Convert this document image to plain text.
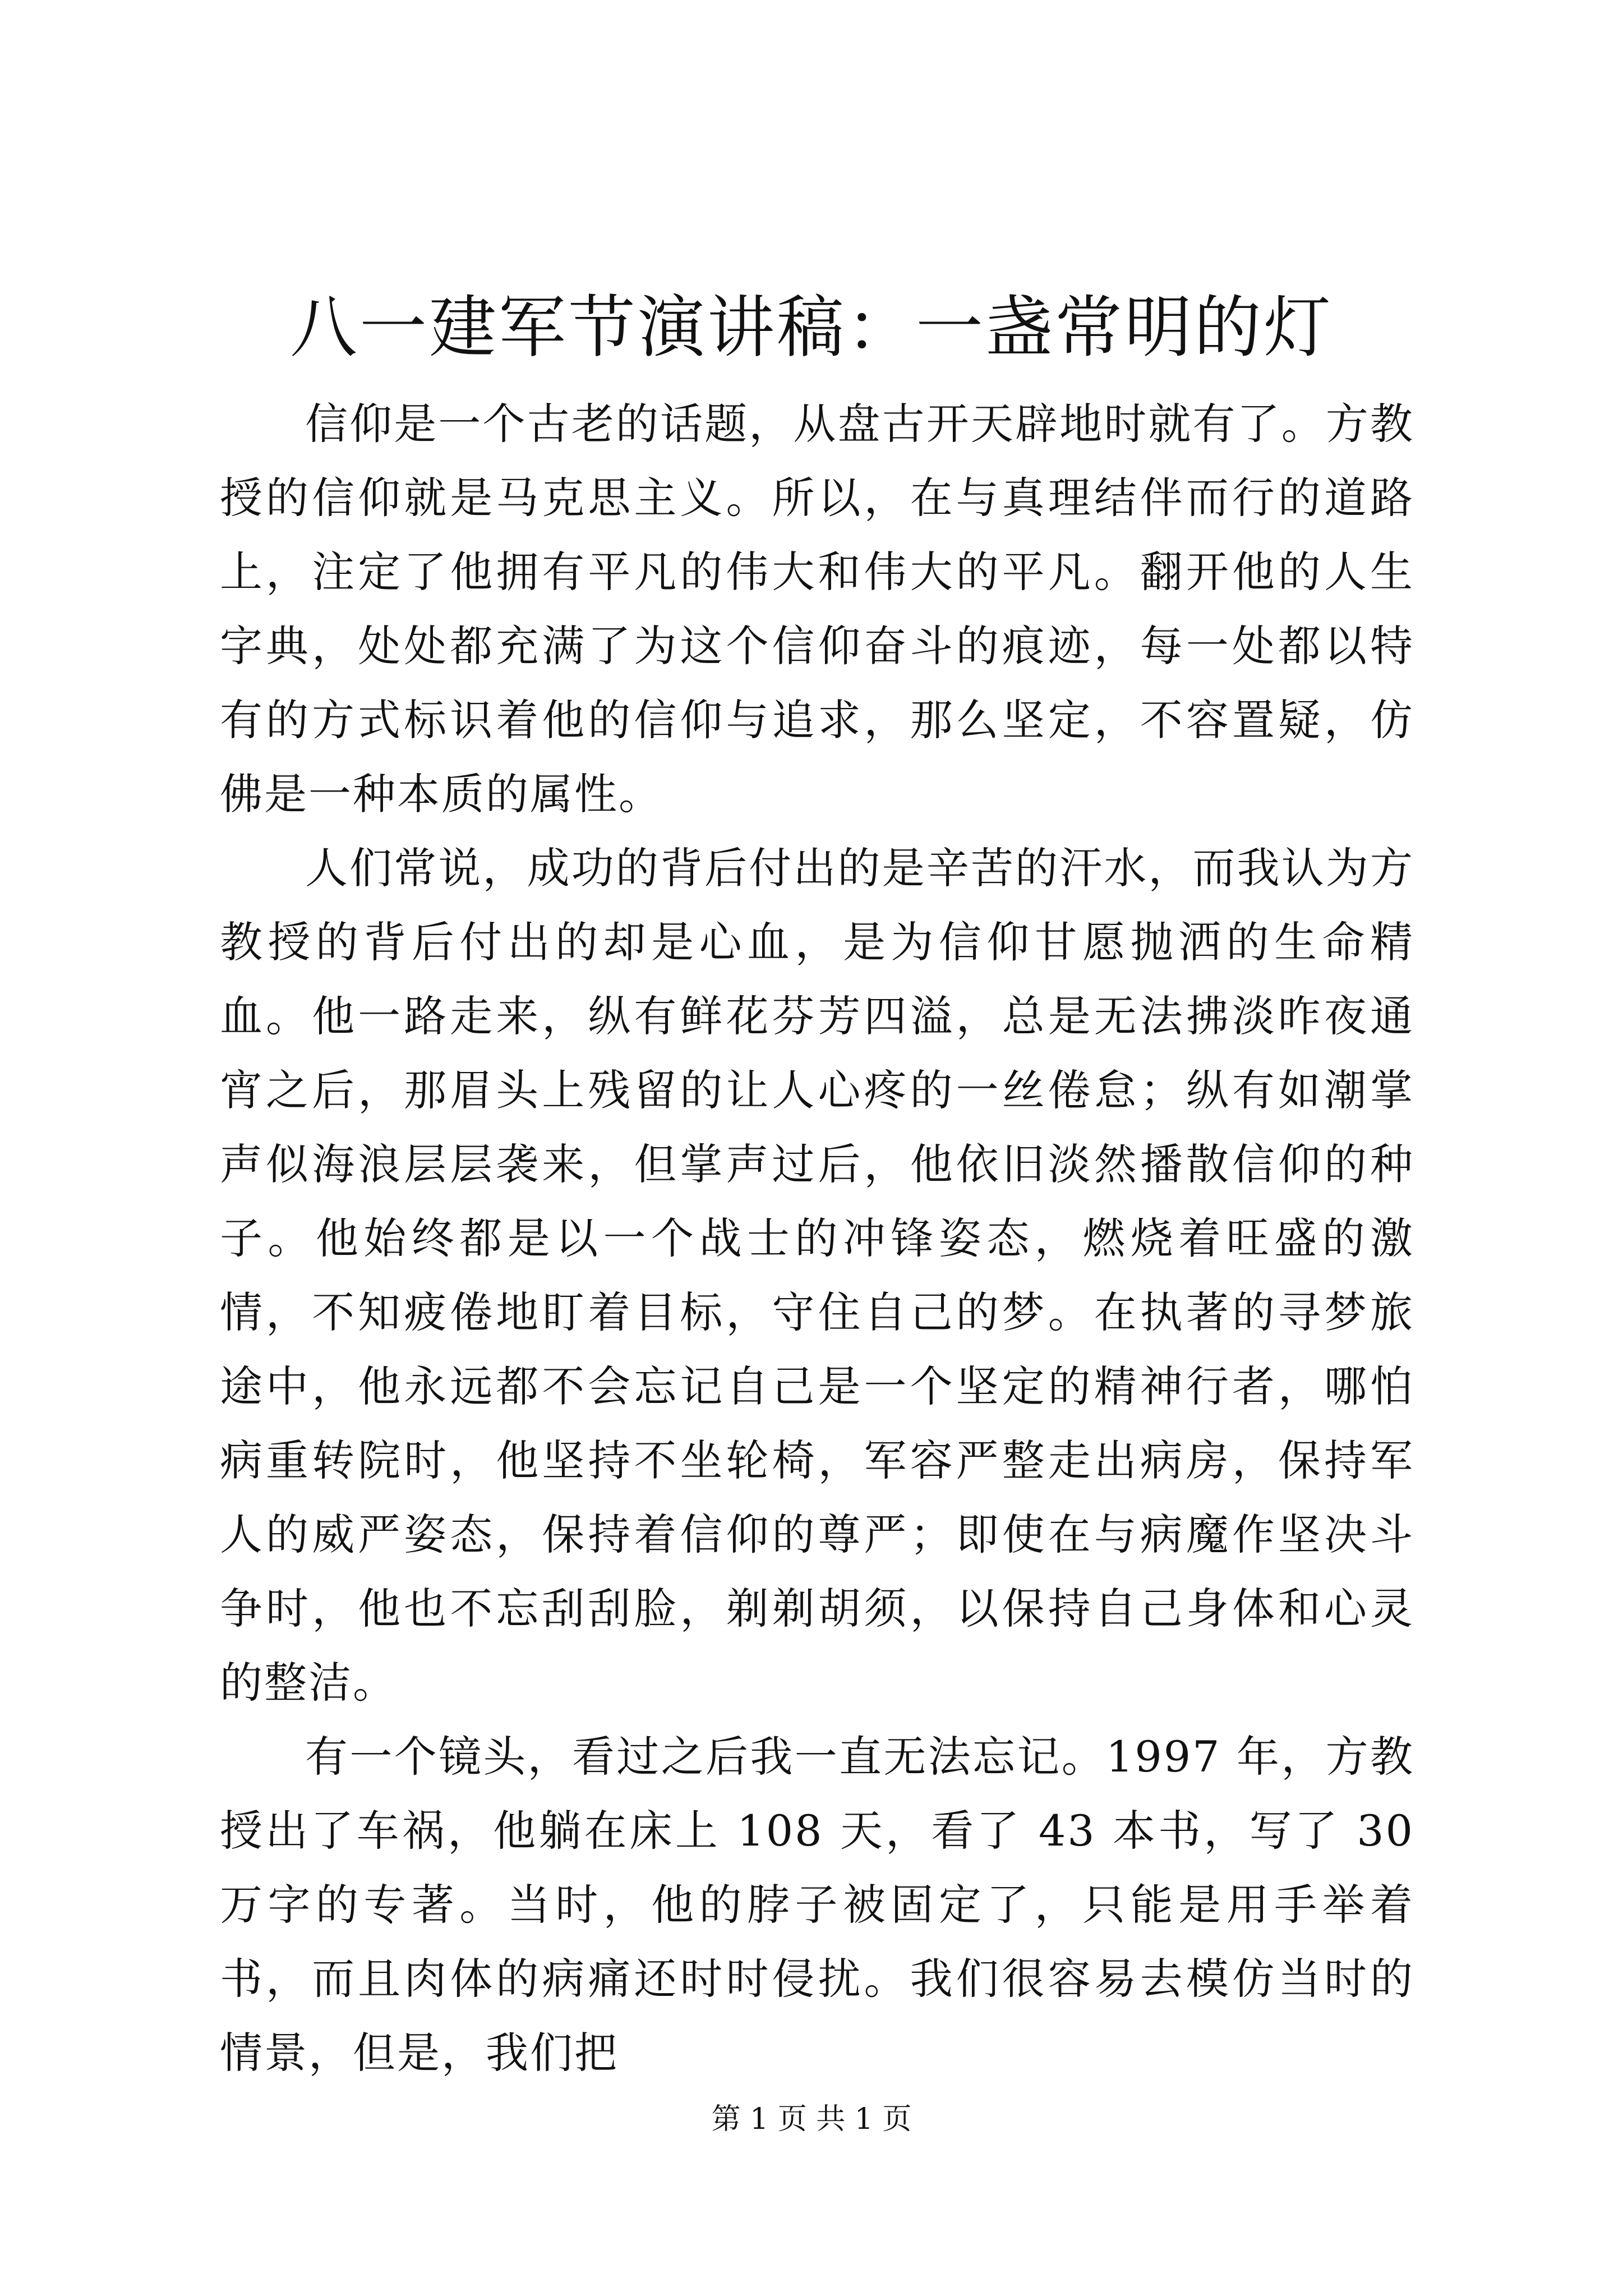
八一建军节演讲稿：一盏常明的灯

信仰是一个古老的话题，从盘古开天辟地时就有了。方教授的信仰就是马克思主义。所以，在与真理结伴而行的道路上，注定了他拥有平凡的伟大和伟大的平凡。翻开他的人生字典，处处都充满了为这个信仰奋斗的痕迹，每一处都以特有的方式标识着他的信仰与追求，那么坚定，不容置疑，仿佛是一种本质的属性。

人们常说，成功的背后付出的是辛苦的汗水，而我认为方教授的背后付出的却是心血，是为信仰甘愿抛洒的生命精血。他一路走来，纵有鲜花芬芳四溢，总是无法拂淡昨夜通宵之后，那眉头上残留的让人心疼的一丝倦怠；纵有如潮掌声似海浪层层袭来，但掌声过后，他依旧淡然播散信仰的种子。他始终都是以一个战士的冲锋姿态，燃烧着旺盛的激情，不知疲倦地盯着目标，守住自己的梦。在执著的寻梦旅途中，他永远都不会忘记自己是一个坚定的精神行者，哪怕病重转院时，他坚持不坐轮椅，军容严整走出病房，保持军人的威严姿态，保持着信仰的尊严；即使在与病魔作坚决斗争时，他也不忘刮刮脸，剃剃胡须，以保持自己身体和心灵的整洁。

有一个镜头，看过之后我一直无法忘记。1997 年，方教授出了车祸，他躺在床上 108 天，看了 43 本书，写了 30 万字的专著。当时，他的脖子被固定了，只能是用手举着书，而且肉体的病痛还时时侵扰。我们很容易去模仿当时的情景，但是，我们把

第 1 页 共 1 页
